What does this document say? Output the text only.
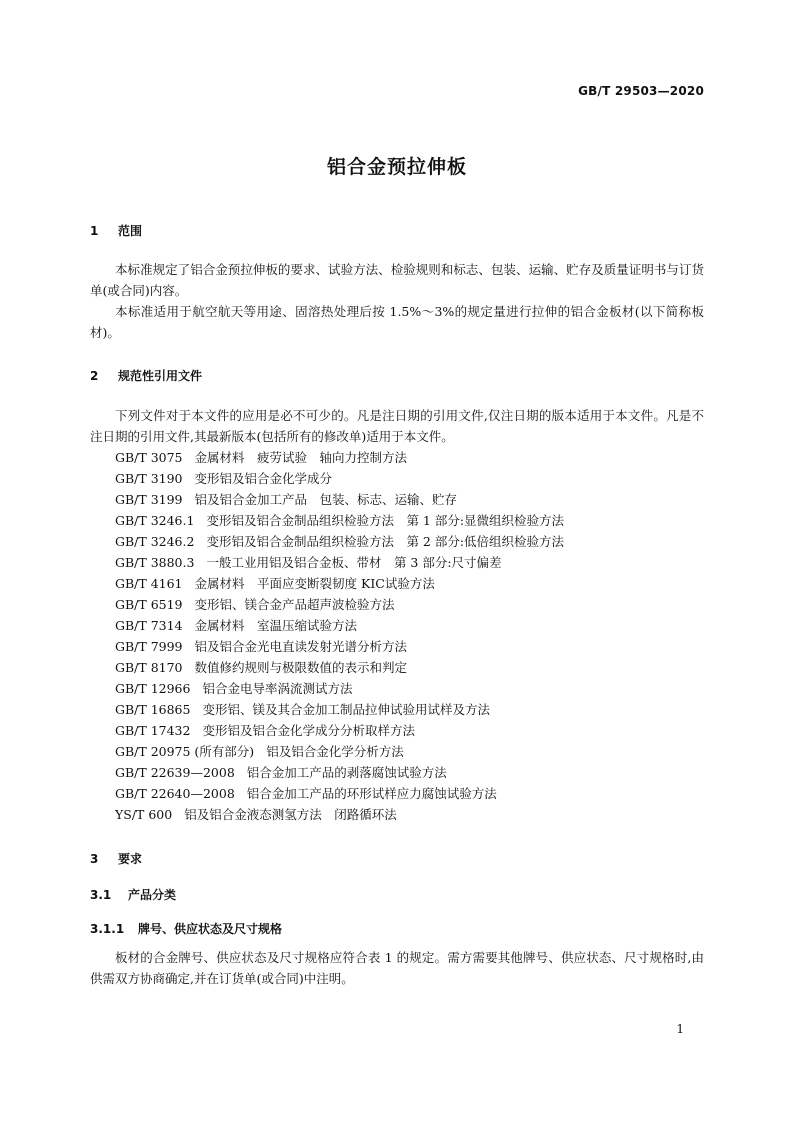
GB/T 29503—2020
铝合金预拉伸板
1 范围
本标准规定了铝合金预拉伸板的要求、试验方法、检验规则和标志、包装、运输、贮存及质量证明书与订货单(或合同)内容。
本标准适用于航空航天等用途、固溶热处理后按 1.5%～3%的规定量进行拉伸的铝合金板材(以下简称板材)。
2 规范性引用文件
下列文件对于本文件的应用是必不可少的。凡是注日期的引用文件,仅注日期的版本适用于本文件。凡是不注日期的引用文件,其最新版本(包括所有的修改单)适用于本文件。
GB/T 3075 金属材料　疲劳试验　轴向力控制方法
GB/T 3190 变形铝及铝合金化学成分
GB/T 3199 铝及铝合金加工产品　包装、标志、运输、贮存
GB/T 3246.1 变形铝及铝合金制品组织检验方法　第 1 部分:显微组织检验方法
GB/T 3246.2 变形铝及铝合金制品组织检验方法　第 2 部分:低倍组织检验方法
GB/T 3880.3 一般工业用铝及铝合金板、带材　第 3 部分:尺寸偏差
GB/T 4161 金属材料　平面应变断裂韧度 KIC试验方法
GB/T 6519 变形铝、镁合金产品超声波检验方法
GB/T 7314 金属材料　室温压缩试验方法
GB/T 7999 铝及铝合金光电直读发射光谱分析方法
GB/T 8170 数值修约规则与极限数值的表示和判定
GB/T 12966 铝合金电导率涡流测试方法
GB/T 16865 变形铝、镁及其合金加工制品拉伸试验用试样及方法
GB/T 17432 变形铝及铝合金化学成分分析取样方法
GB/T 20975 (所有部分) 铝及铝合金化学分析方法
GB/T 22639—2008 铝合金加工产品的剥落腐蚀试验方法
GB/T 22640—2008 铝合金加工产品的环形试样应力腐蚀试验方法
YS/T 600 铝及铝合金液态测氢方法　闭路循环法
3 要求
3.1 产品分类
3.1.1 牌号、供应状态及尺寸规格
板材的合金牌号、供应状态及尺寸规格应符合表 1 的规定。需方需要其他牌号、供应状态、尺寸规格时,由供需双方协商确定,并在订货单(或合同)中注明。
1
